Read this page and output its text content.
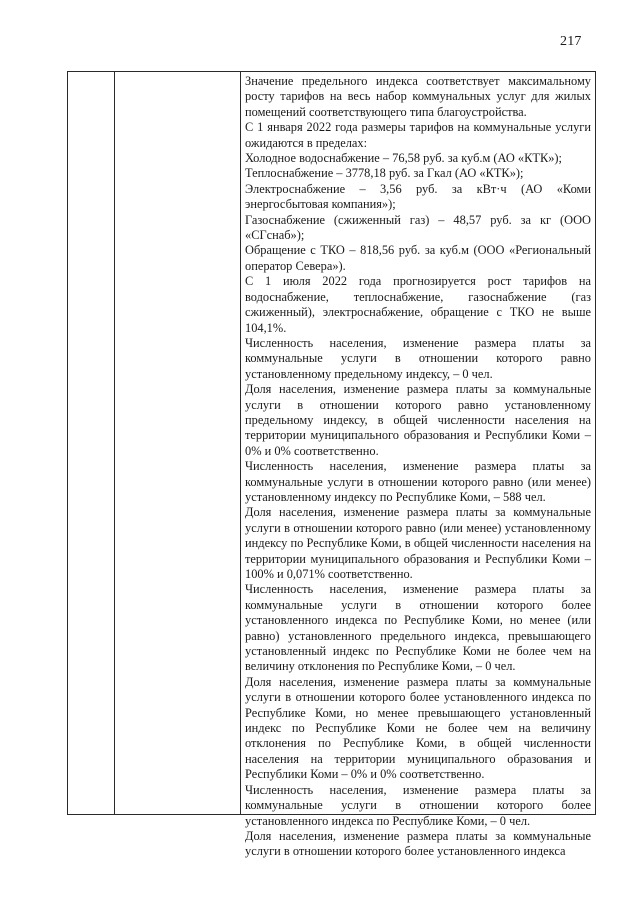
217

Значение предельного индекса соответствует максимальному росту тарифов на весь набор коммунальных услуг для жилых помещений соответствующего типа благоустройства.

С 1 января 2022 года размеры тарифов на коммунальные услуги ожидаются в пределах:

Холодное водоснабжение – 76,58 руб. за куб.м (АО «КТК»);

Теплоснабжение – 3778,18 руб. за Гкал (АО «КТК»);

Электроснабжение – 3,56 руб. за кВт·ч (АО «Коми энергосбытовая компания»);

Газоснабжение (сжиженный газ) – 48,57 руб. за кг (ООО «СГснаб»);

Обращение с ТКО – 818,56 руб. за куб.м (ООО «Региональный оператор Севера»).

С 1 июля 2022 года прогнозируется рост тарифов на водоснабжение, теплоснабжение, газоснабжение (газ сжиженный), электроснабжение, обращение с ТКО не выше 104,1%.

Численность населения, изменение размера платы за коммунальные услуги в отношении которого равно установленному предельному индексу, – 0 чел.

Доля населения, изменение размера платы за коммунальные услуги в отношении которого равно установленному предельному индексу, в общей численности населения на территории муниципального образования и Республики Коми – 0% и 0% соответственно.

Численность населения, изменение размера платы за коммунальные услуги в отношении которого равно (или менее) установленному индексу по Республике Коми, – 588 чел.

Доля населения, изменение размера платы за коммунальные услуги в отношении которого равно (или менее) установленному индексу по Республике Коми, в общей численности населения на территории муниципального образования и Республики Коми – 100% и 0,071% соответственно.

Численность населения, изменение размера платы за коммунальные услуги в отношении которого более установленного индекса по Республике Коми, но менее (или равно) установленного предельного индекса, превышающего установленный индекс по Республике Коми не более чем на величину отклонения по Республике Коми, – 0 чел.

Доля населения, изменение размера платы за коммунальные услуги в отношении которого более установленного индекса по Республике Коми, но менее превышающего установленный индекс по Республике Коми не более чем на величину отклонения по Республике Коми, в общей численности населения на территории муниципального образования и Республики Коми – 0% и 0% соответственно.

Численность населения, изменение размера платы за коммунальные услуги в отношении которого более установленного индекса по Республике Коми, – 0 чел.

Доля населения, изменение размера платы за коммунальные услуги в отношении которого более установленного индекса
